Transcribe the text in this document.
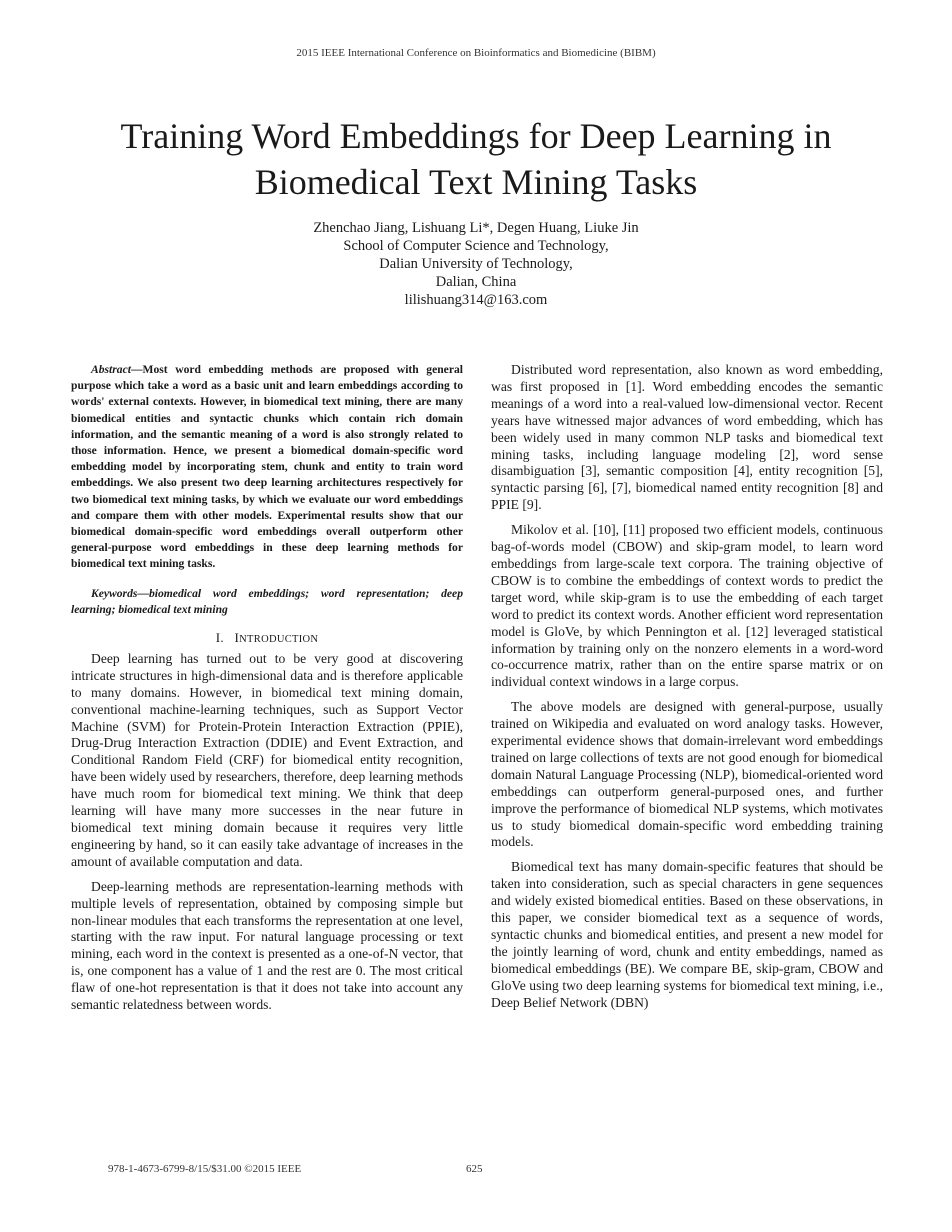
2015 IEEE International Conference on Bioinformatics and Biomedicine (BIBM)
Training Word Embeddings for Deep Learning in Biomedical Text Mining Tasks
Zhenchao Jiang, Lishuang Li*, Degen Huang, Liuke Jin
School of Computer Science and Technology,
Dalian University of Technology,
Dalian, China
lilishuang314@163.com

Abstract—Most word embedding methods are proposed with general purpose which take a word as a basic unit and learn embeddings according to words' external contexts. However, in biomedical text mining, there are many biomedical entities and syntactic chunks which contain rich domain information, and the semantic meaning of a word is also strongly related to those information. Hence, we present a biomedical domain-specific word embedding model by incorporating stem, chunk and entity to train word embeddings. We also present two deep learning architectures respectively for two biomedical text mining tasks, by which we evaluate our word embeddings and compare them with other models. Experimental results show that our biomedical domain-specific word embeddings overall outperform other general-purpose word embeddings in these deep learning methods for biomedical text mining tasks.

Keywords—biomedical word embeddings; word representation; deep learning; biomedical text mining

I. INTRODUCTION

Deep learning has turned out to be very good at discovering intricate structures in high-dimensional data and is therefore applicable to many domains. However, in biomedical text mining domain, conventional machine-learning techniques, such as Support Vector Machine (SVM) for Protein-Protein Interaction Extraction (PPIE), Drug-Drug Interaction Extraction (DDIE) and Event Extraction, and Conditional Random Field (CRF) for biomedical entity recognition, have been widely used by researchers, therefore, deep learning methods have much room for biomedical text mining. We think that deep learning will have many more successes in the near future in biomedical text mining domain because it requires very little engineering by hand, so it can easily take advantage of increases in the amount of available computation and data.

Deep-learning methods are representation-learning methods with multiple levels of representation, obtained by composing simple but non-linear modules that each transforms the representation at one level, starting with the raw input. For natural language processing or text mining, each word in the context is presented as a one-of-N vector, that is, one component has a value of 1 and the rest are 0. The most critical flaw of one-hot representation is that it does not take into account any semantic relatedness between words.

Distributed word representation, also known as word embedding, was first proposed in [1]. Word embedding encodes the semantic meanings of a word into a real-valued low-dimensional vector. Recent years have witnessed major advances of word embedding, which has been widely used in many common NLP tasks and biomedical text mining tasks, including language modeling [2], word sense disambiguation [3], semantic composition [4], entity recognition [5], syntactic parsing [6], [7], biomedical named entity recognition [8] and PPIE [9].

Mikolov et al. [10], [11] proposed two efficient models, continuous bag-of-words model (CBOW) and skip-gram model, to learn word embeddings from large-scale text corpora. The training objective of CBOW is to combine the embeddings of context words to predict the target word, while skip-gram is to use the embedding of each target word to predict its context words. Another efficient word representation model is GloVe, by which Pennington et al. [12] leveraged statistical information by training only on the nonzero elements in a word-word co-occurrence matrix, rather than on the entire sparse matrix or on individual context windows in a large corpus.

The above models are designed with general-purpose, usually trained on Wikipedia and evaluated on word analogy tasks. However, experimental evidence shows that domain-irrelevant word embeddings trained on large collections of texts are not good enough for biomedical domain Natural Language Processing (NLP), biomedical-oriented word embeddings can outperform general-purposed ones, and further improve the performance of biomedical NLP systems, which motivates us to study biomedical domain-specific word embedding training models.

Biomedical text has many domain-specific features that should be taken into consideration, such as special characters in gene sequences and widely existed biomedical entities. Based on these observations, in this paper, we consider biomedical text as a sequence of words, syntactic chunks and biomedical entities, and present a new model for the jointly learning of word, chunk and entity embeddings, named as biomedical embeddings (BE). We compare BE, skip-gram, CBOW and GloVe using two deep learning systems for biomedical text mining, i.e., Deep Belief Network (DBN)

978-1-4673-6799-8/15/$31.00 ©2015 IEEE	625
